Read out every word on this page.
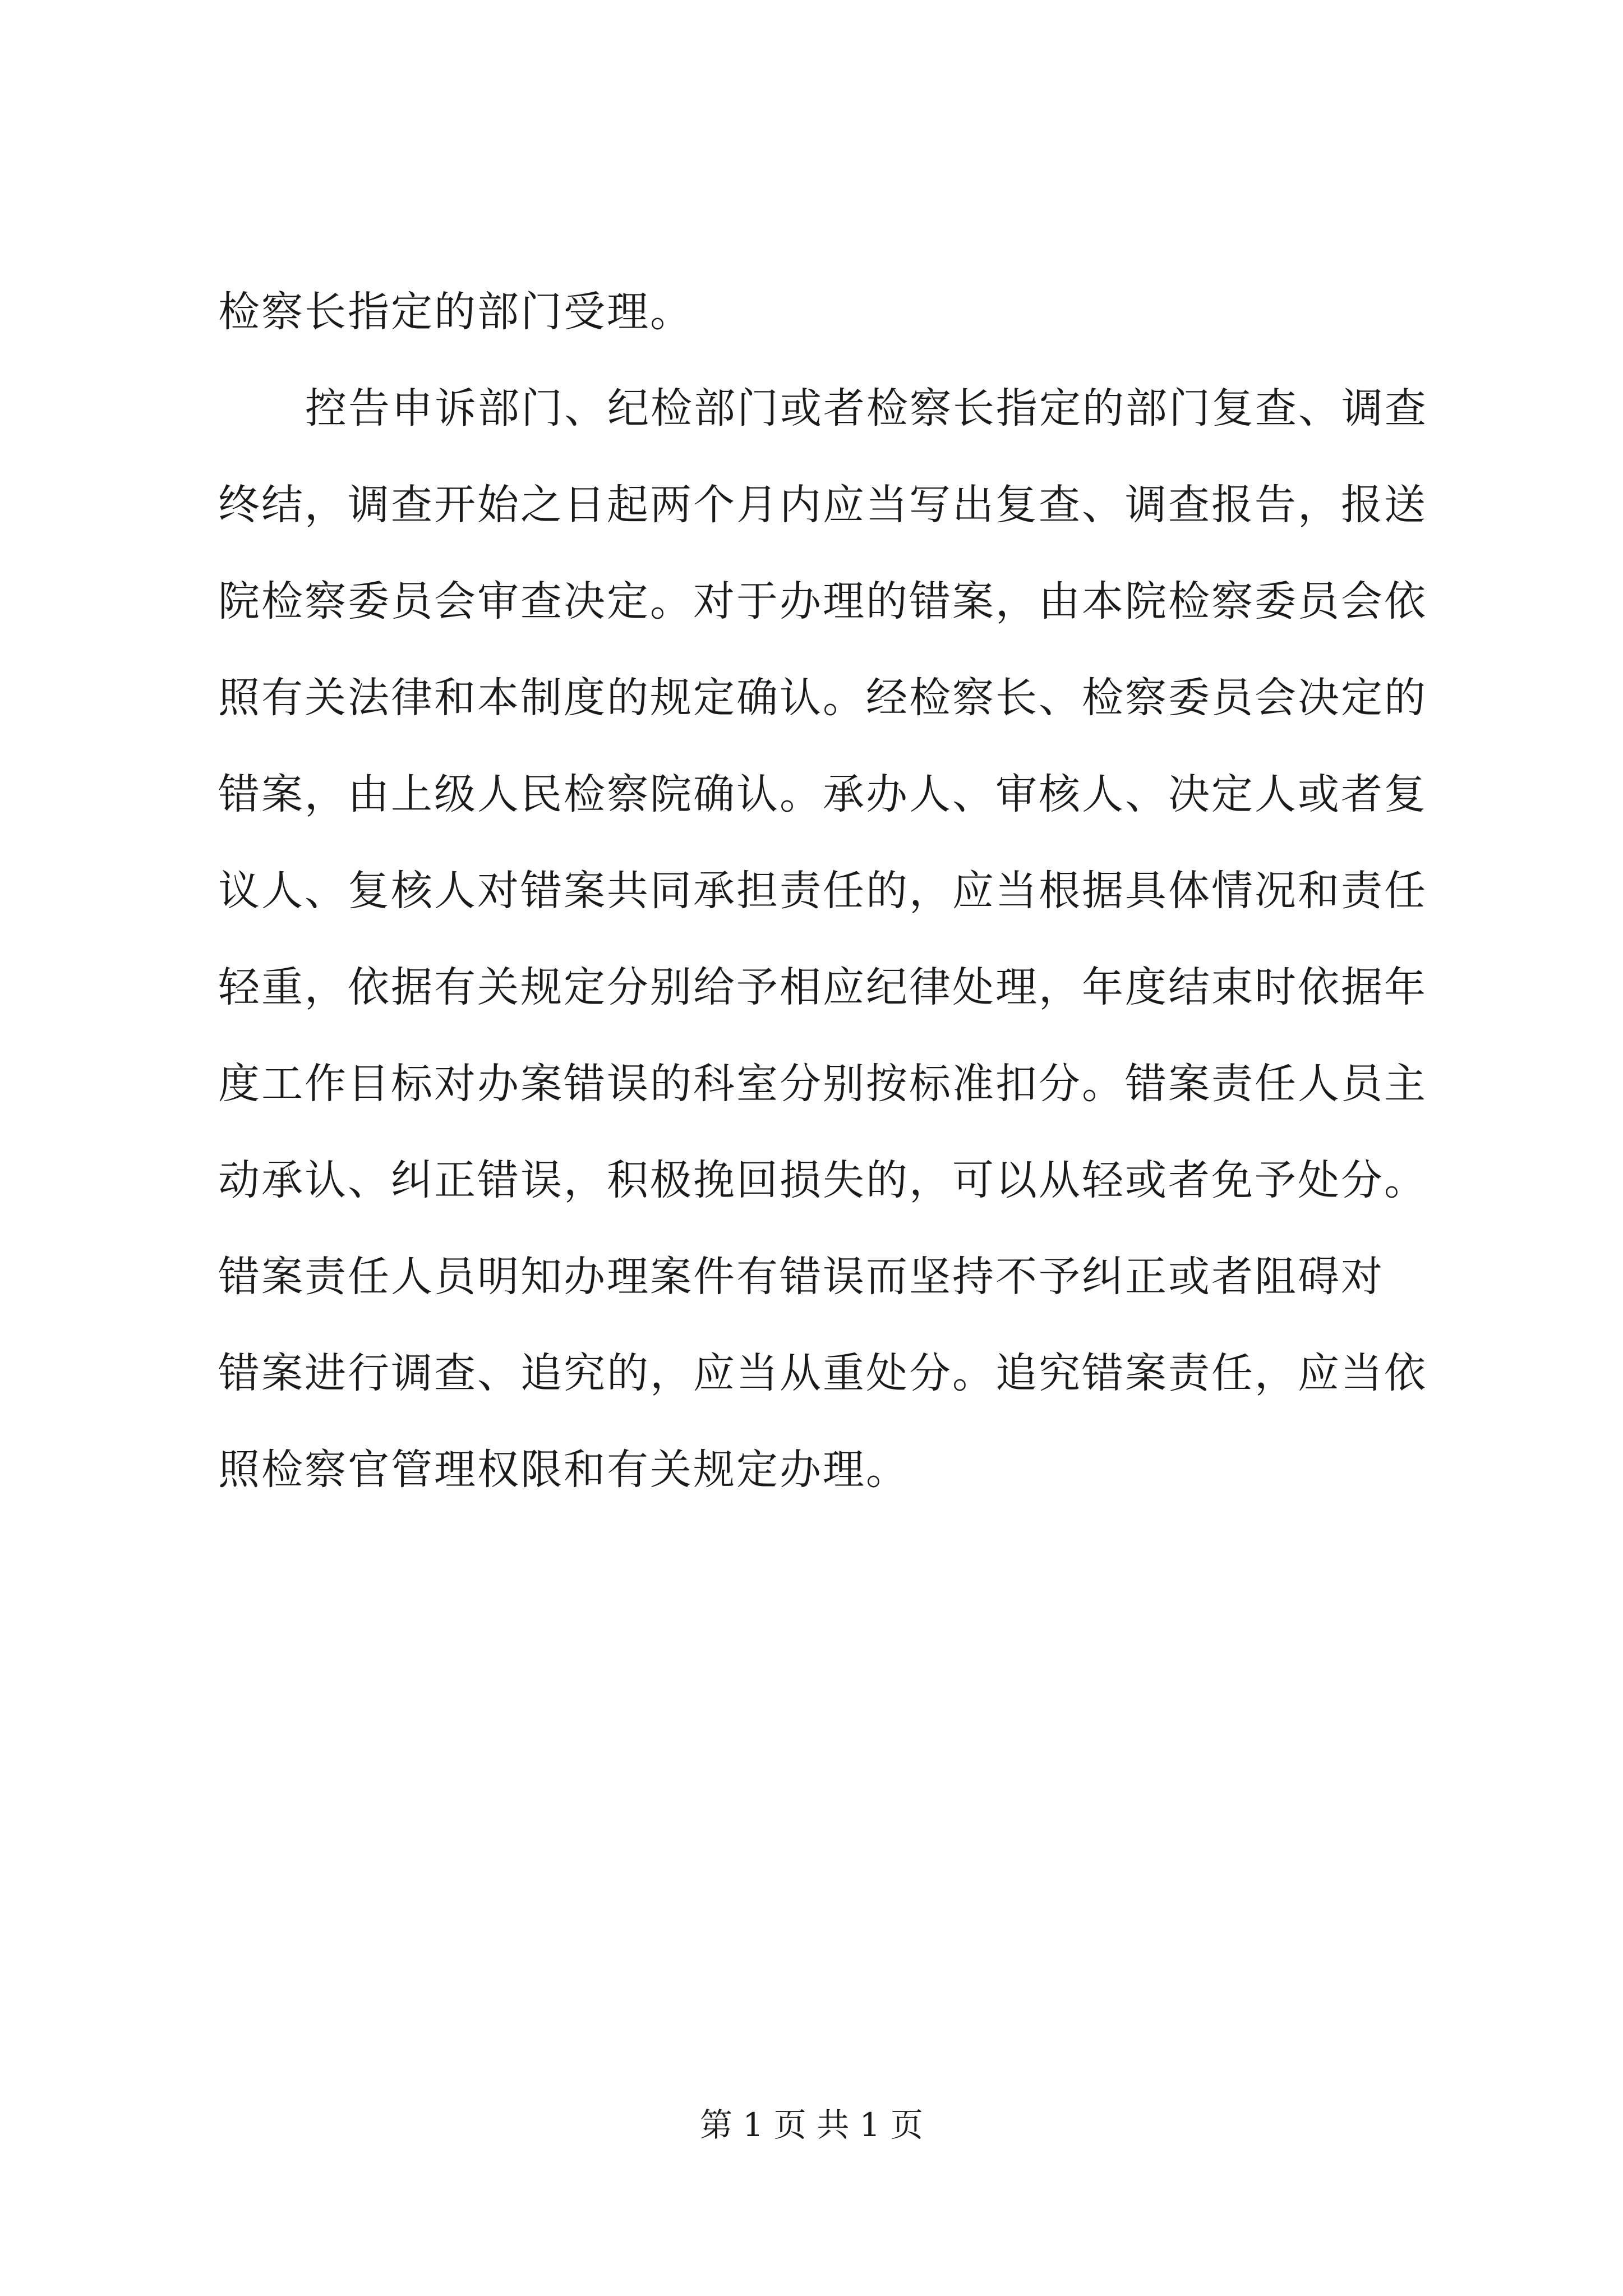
检察长指定的部门受理。
控告申诉部门、纪检部门或者检察长指定的部门复查、调查
终结，调查开始之日起两个月内应当写出复查、调查报告，报送
院检察委员会审查决定。对于办理的错案，由本院检察委员会依
照有关法律和本制度的规定确认。经检察长、检察委员会决定的
错案，由上级人民检察院确认。承办人、审核人、决定人或者复
议人、复核人对错案共同承担责任的，应当根据具体情况和责任
轻重，依据有关规定分别给予相应纪律处理，年度结束时依据年
度工作目标对办案错误的科室分别按标准扣分。错案责任人员主
动承认、纠正错误，积极挽回损失的，可以从轻或者免予处分。
错案责任人员明知办理案件有错误而坚持不予纠正或者阻碍对
错案进行调查、追究的，应当从重处分。追究错案责任，应当依
照检察官管理权限和有关规定办理。
第 1 页 共 1 页
